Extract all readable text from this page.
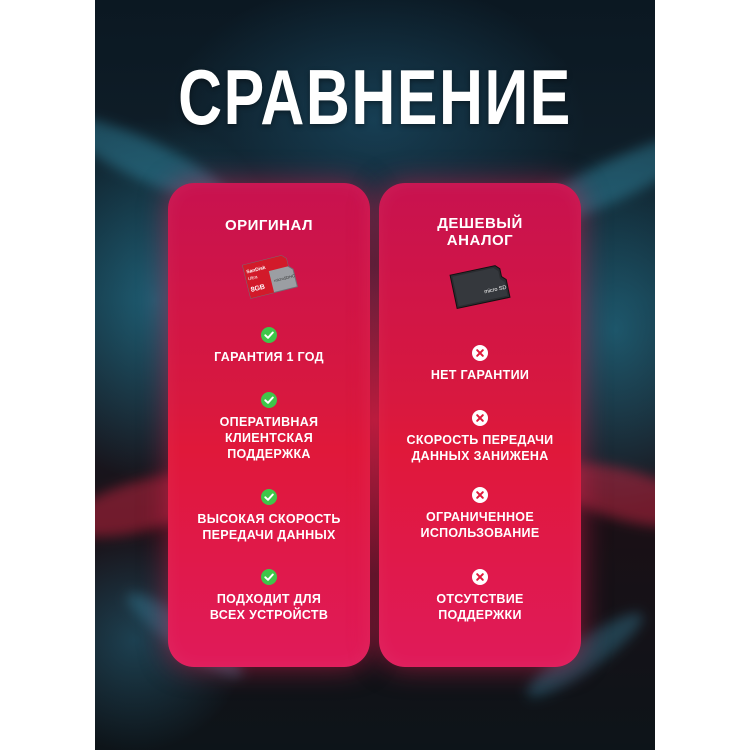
СРАВНЕНИЕ
ОРИГИНАЛ
SanDisk
Ultra
8GB
microSDHC
ГАРАНТИЯ 1 ГОД
ОПЕРАТИВНАЯ
КЛИЕНТСКАЯ
ПОДДЕРЖКА
ВЫСОКАЯ СКОРОСТЬ
ПЕРЕДАЧИ ДАННЫХ
ПОДХОДИТ ДЛЯ
ВСЕХ УСТРОЙСТВ
ДЕШЕВЫЙ
АНАЛОГ
micro SD
НЕТ ГАРАНТИИ
СКОРОСТЬ ПЕРЕДАЧИ
ДАННЫХ ЗАНИЖЕНА
ОГРАНИЧЕННОЕ
ИСПОЛЬЗОВАНИЕ
ОТСУТСТВИЕ
ПОДДЕРЖКИ
